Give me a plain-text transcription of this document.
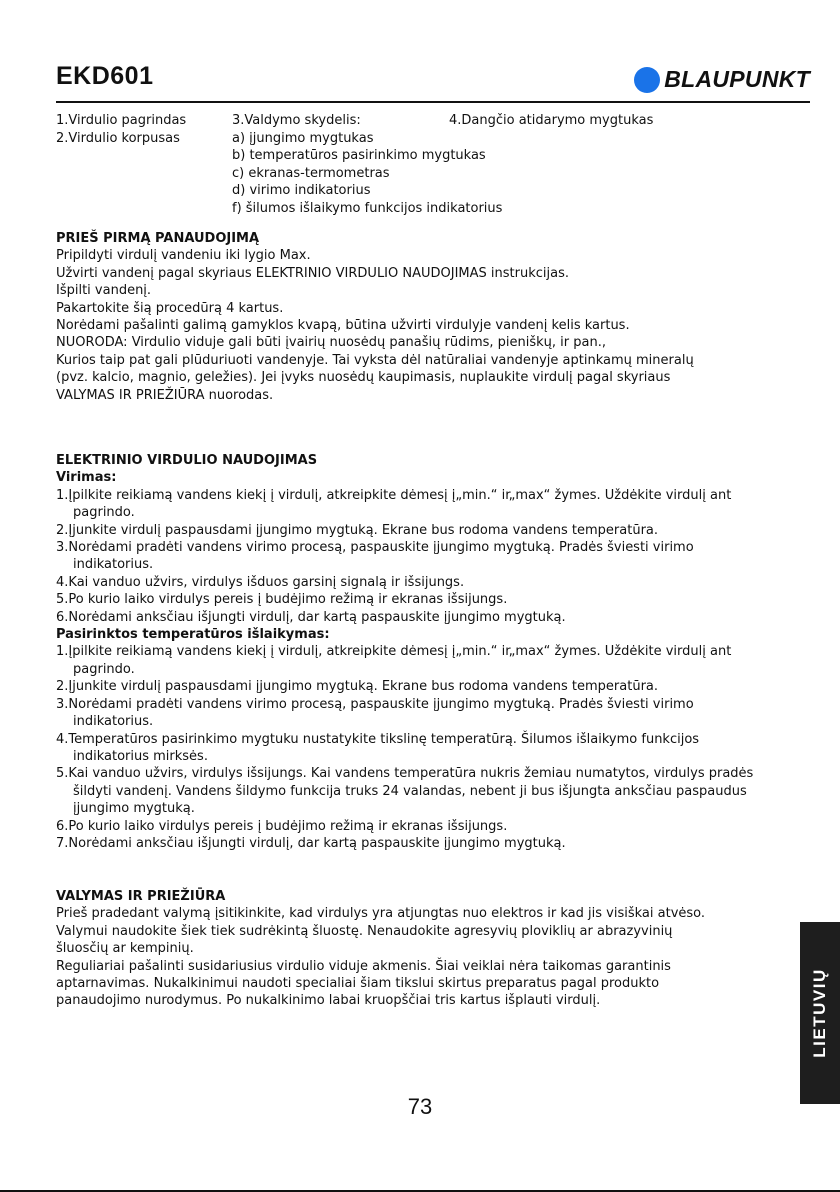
EKD601	BLAUPUNKT
1.Virdulio pagrindas
2.Virdulio korpusas
3.Valdymo skydelis:
a) įjungimo mygtukas
b) temperatūros pasirinkimo mygtukas
c) ekranas-termometras
d) virimo indikatorius
f) šilumos išlaikymo funkcijos indikatorius
4.Dangčio atidarymo mygtukas
PRIEŠ PIRMĄ PANAUDOJIMĄ
Pripildyti virdulį vandeniu iki lygio Max.
Užvirti vandenį pagal skyriaus ELEKTRINIO VIRDULIO NAUDOJIMAS instrukcijas.
Išpilti vandenį.
Pakartokite šią procedūrą 4 kartus.
Norėdami pašalinti galimą gamyklos kvapą, būtina užvirti virdulyje vandenį kelis kartus.
NUORODA: Virdulio viduje gali būti įvairių nuosėdų panašių rūdims, pieniškų, ir pan.,
Kurios taip pat gali plūduriuoti vandenyje. Tai vyksta dėl natūraliai vandenyje aptinkamų mineralų
(pvz. kalcio, magnio, geležies). Jei įvyks nuosėdų kaupimasis, nuplaukite virdulį pagal skyriaus
VALYMAS IR PRIEŽIŪRA nuorodas.
ELEKTRINIO VIRDULIO NAUDOJIMAS
Virimas:
1.Įpilkite reikiamą vandens kiekį į virdulį, atkreipkite dėmesį į„min.“ ir„max“ žymes. Uždėkite virdulį ant pagrindo.
2.Įjunkite virdulį paspausdami įjungimo mygtuką. Ekrane bus rodoma vandens temperatūra.
3.Norėdami pradėti vandens virimo procesą, paspauskite įjungimo mygtuką. Pradės šviesti virimo indikatorius.
4.Kai vanduo užvirs, virdulys išduos garsinį signalą ir išsijungs.
5.Po kurio laiko virdulys pereis į budėjimo režimą ir ekranas išsijungs.
6.Norėdami anksčiau išjungti virdulį, dar kartą paspauskite įjungimo mygtuką.
Pasirinktos temperatūros išlaikymas:
1.Įpilkite reikiamą vandens kiekį į virdulį, atkreipkite dėmesį į„min.“ ir„max“ žymes. Uždėkite virdulį ant pagrindo.
2.Įjunkite virdulį paspausdami įjungimo mygtuką. Ekrane bus rodoma vandens temperatūra.
3.Norėdami pradėti vandens virimo procesą, paspauskite įjungimo mygtuką. Pradės šviesti virimo indikatorius.
4.Temperatūros pasirinkimo mygtuku nustatykite tikslinę temperatūrą. Šilumos išlaikymo funkcijos indikatorius mirksės.
5.Kai vanduo užvirs, virdulys išsijungs. Kai vandens temperatūra nukris žemiau numatytos, virdulys pradės šildyti vandenį. Vandens šildymo funkcija truks 24 valandas, nebent ji bus išjungta anksčiau paspaudus įjungimo mygtuką.
6.Po kurio laiko virdulys pereis į budėjimo režimą ir ekranas išsijungs.
7.Norėdami anksčiau išjungti virdulį, dar kartą paspauskite įjungimo mygtuką.
VALYMAS IR PRIEŽIŪRA
Prieš pradedant valymą įsitikinkite, kad virdulys yra atjungtas nuo elektros ir kad jis visiškai atvėso.
Valymui naudokite šiek tiek sudrėkintą šluostę. Nenaudokite agresyvių ploviklių ar abrazyvinių
šluosčių ar kempinių.
Reguliariai pašalinti susidariusius virdulio viduje akmenis. Šiai veiklai nėra taikomas garantinis
aptarnavimas. Nukalkinimui naudoti specialiai šiam tikslui skirtus preparatus pagal produkto
panaudojimo nurodymus. Po nukalkinimo labai kruopščiai tris kartus išplauti virdulį.	LIETUVIŲ
73
